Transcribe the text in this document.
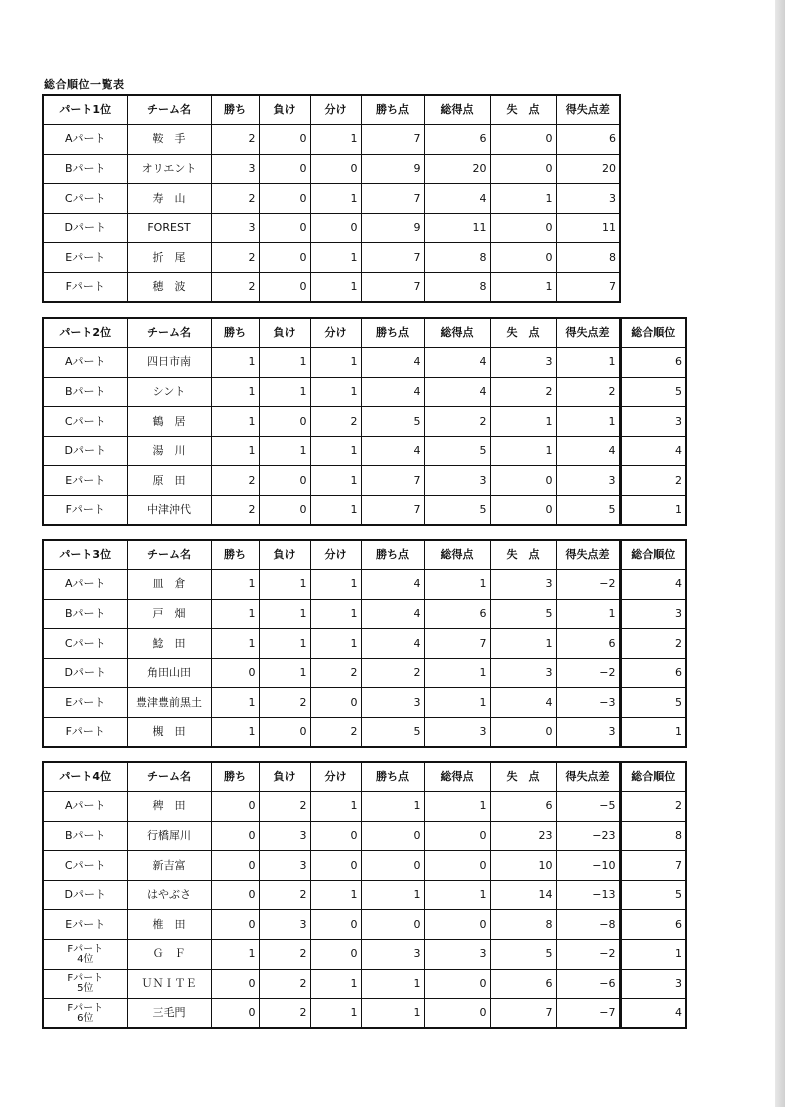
総合順位一覧表
パート1位	チーム名	勝ち	負け	分け	勝ち点	総得点	失　点	得失点差
Aパート	鞍　手	2	0	1	7	6	0	6
Bパート	オリエント	3	0	0	9	20	0	20
Cパート	寿　山	2	0	1	7	4	1	3
Dパート	FOREST	3	0	0	9	11	0	11
Eパート	折　尾	2	0	1	7	8	0	8
Fパート	穂　波	2	0	1	7	8	1	7
パート2位	チーム名	勝ち	負け	分け	勝ち点	総得点	失　点	得失点差	総合順位
Aパート	四日市南	1	1	1	4	4	3	1	6
Bパート	シント	1	1	1	4	4	2	2	5
Cパート	鶴　居	1	0	2	5	2	1	1	3
Dパート	湯　川	1	1	1	4	5	1	4	4
Eパート	原　田	2	0	1	7	3	0	3	2
Fパート	中津沖代	2	0	1	7	5	0	5	1
パート3位	チーム名	勝ち	負け	分け	勝ち点	総得点	失　点	得失点差	総合順位
Aパート	皿　倉	1	1	1	4	1	3	−2	4
Bパート	戸　畑	1	1	1	4	6	5	1	3
Cパート	鯰　田	1	1	1	4	7	1	6	2
Dパート	角田山田	0	1	2	2	1	3	−2	6
Eパート	豊津豊前黒土	1	2	0	3	1	4	−3	5
Fパート	槻　田	1	0	2	5	3	0	3	1
パート4位	チーム名	勝ち	負け	分け	勝ち点	総得点	失　点	得失点差	総合順位
Aパート	稗　田	0	2	1	1	1	6	−5	2
Bパート	行橋犀川	0	3	0	0	0	23	−23	8
Cパート	新吉富	0	3	0	0	0	10	−10	7
Dパート	はやぶさ	0	2	1	1	1	14	−13	5
Eパート	椎　田	0	3	0	0	0	8	−8	6

Fパート
4位	Ｇ　Ｆ	1	2	0	3	3	5	−2	1

Fパート
5位	ＵＮＩＴＥ	0	2	1	1	0	6	−6	3

Fパート
6位	三毛門	0	2	1	1	0	7	−7	4
